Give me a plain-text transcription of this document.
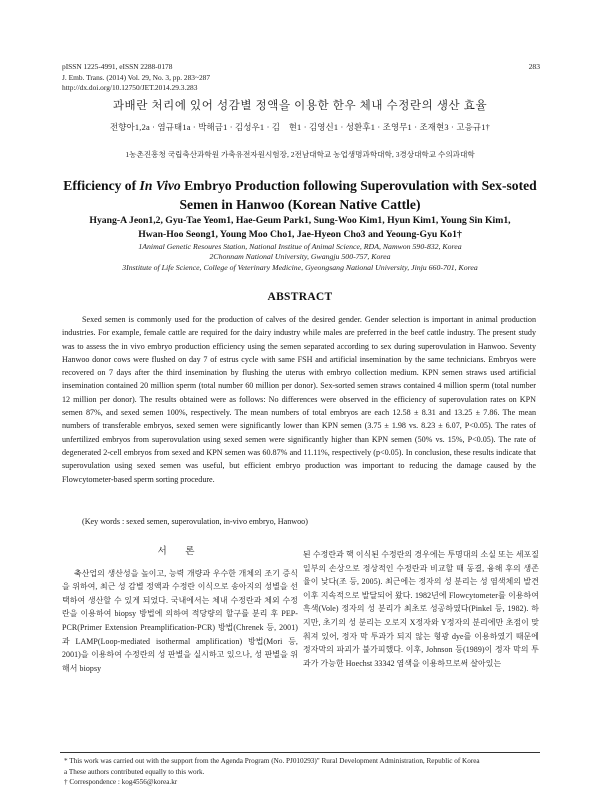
pISSN 1225-4991, eISSN 2288-0178
J. Emb. Trans. (2014) Vol. 29, No. 3, pp. 283~287
http://dx.doi.org/10.12750/JET.2014.29.3.283
283
과배란 처리에 있어 성감별 정액을 이용한 한우 체내 수정란의 생산 효율
전향아1,2a · 염규태1a · 박해금1 · 김성우1 · 김　현1 · 김영신1 · 성환후1 · 조영무1 · 조재현3 · 고응규1†
1농촌진흥청 국립축산과학원 가축유전자원시험장, 2전남대학교 농업생명과학대학, 3경상대학교 수의과대학
Efficiency of In Vivo Embryo Production following Superovulation with Sex-soted Semen in Hanwoo (Korean Native Cattle)
Hyang-A Jeon1,2, Gyu-Tae Yeom1, Hae-Geum Park1, Sung-Woo Kim1, Hyun Kim1, Young Sin Kim1,
Hwan-Hoo Seong1, Young Moo Cho1, Jae-Hyeon Cho3 and Yeoung-Gyu Ko1†
1Animal Genetic Resoures Station, National Institue of Animal Science, RDA, Namwon 590-832, Korea
2Chonnam National University, Gwangju 500-757, Korea
3Institute of Life Science, College of Veterinary Medicine, Gyeongsang National University, Jinju 660-701, Korea
ABSTRACT

Sexed semen is commonly used for the production of calves of the desired gender. Gender selection is important in animal production industries. For example, female cattle are required for the dairy industry while males are preferred in the beef cattle industry. The present study was to assess the in vivo embryo production efficiency using the semen separated according to sex during superovulation in Hanwoo. Seventy Hanwoo donor cows were flushed on day 7 of estrus cycle with same FSH and artificial insemination by the same technicians. Embryos were recovered on 7 days after the third insemination by flushing the uterus with embryo collection medium. KPN semen straws used artificial insemination contained 20 million sperm (total number 60 million per donor). Sex-sorted semen straws contained 4 million sperm (total number 12 million per donor). The results obtained were as follows: No differences were observed in the efficiency of superovulation rates on KPN semen 87%, and sexed semen 100%, respectively. The mean numbers of total embryos are each 12.58 ± 8.31 and 13.25 ± 7.86. The mean numbers of transferable embryos, sexed semen were significantly lower than KPN semen (3.75 ± 1.98 vs. 8.23 ± 6.07, P<0.05). The rates of unfertilized embryos from superovulation using sexed semen were significantly higher than KPN semen (50% vs. 15%, P<0.05). The rate of degenerated 2-cell embryos from sexed and KPN semen was 60.87% and 11.11%, respectively (p<0.05). In conclusion, these results indicate that superovulation using sexed semen was useful, but efficient embryo production was important to reducing the damage caused by the Flowcytometer-based sperm sorting procedure.

(Key words : sexed semen, superovulation, in-vivo embryo, Hanwoo)
서 론

축산업의 생산성을 높이고, 능력 개량과 우수한 개체의 조기 증식을 위하여, 최근 성 감별 정액과 수정란 이식으로 송아지의 성별을 선택하여 생산할 수 있게 되었다. 국내에서는 체내 수정란과 체외 수정란을 이용하여 biopsy 방법에 의하여 적당량의 할구를 분리 후 PEP-PCR(Primer Extension Preamplification-PCR) 방법(Chrenek 등, 2001)과 LAMP(Loop-mediated isothermal amplification) 방법(Mori 등, 2001)을 이용하여 수정란의 성 판별을 실시하고 있으나, 성 판별을 위해서 biopsy

된 수정란과 핵 이식된 수정란의 경우에는 투명대의 소실 또는 세포질 일부의 손상으로 정상적인 수정란과 비교할 때 동결, 융해 후의 생존율이 낮다(조 등, 2005). 최근에는 정자의 성 분리는 성 염색체의 발견 이후 지속적으로 발달되어 왔다. 1982년에 Flowcytometer를 이용하여 흑색(Vole) 정자의 성 분리가 최초로 성공하였다(Pinkel 등, 1982). 하지만, 초기의 성 분리는 오로지 X정자와 Y정자의 분리에만 초점이 맞춰져 있어, 정자 막 투과가 되지 않는 형광 dye를 이용하였기 때문에 정자막의 파괴가 불가피했다. 이후, Johnson 등(1989)이 정자 막의 투과가 가능한 Hoechst 33342 염색을 이용하므로써 살아있는

* This work was carried out with the support from the Agenda Program (No. PJ010293)" Rural Development Administration, Republic of Korea
a These authors contributed equally to this work.
† Correspondence : kog4556@korea.kr
